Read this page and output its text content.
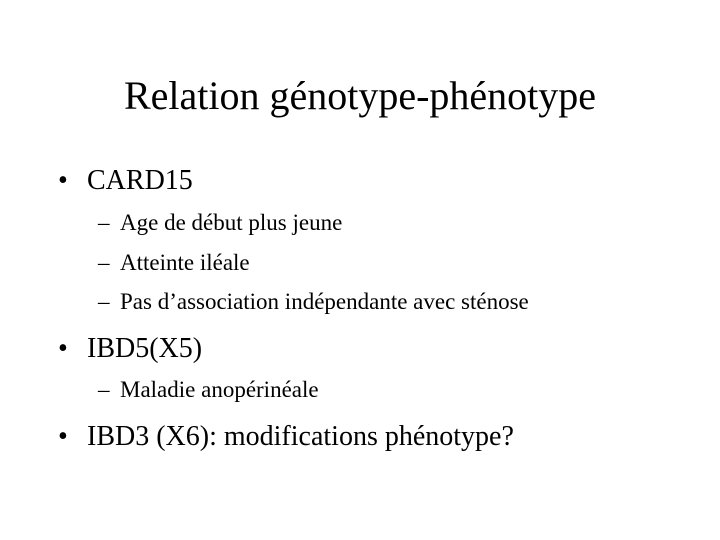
Relation génotype-phénotype
• CARD15
– Age de début plus jeune
– Atteinte iléale
– Pas d’association indépendante avec sténose
• IBD5(X5)
– Maladie anopérinéale
• IBD3 (X6): modifications phénotype?
